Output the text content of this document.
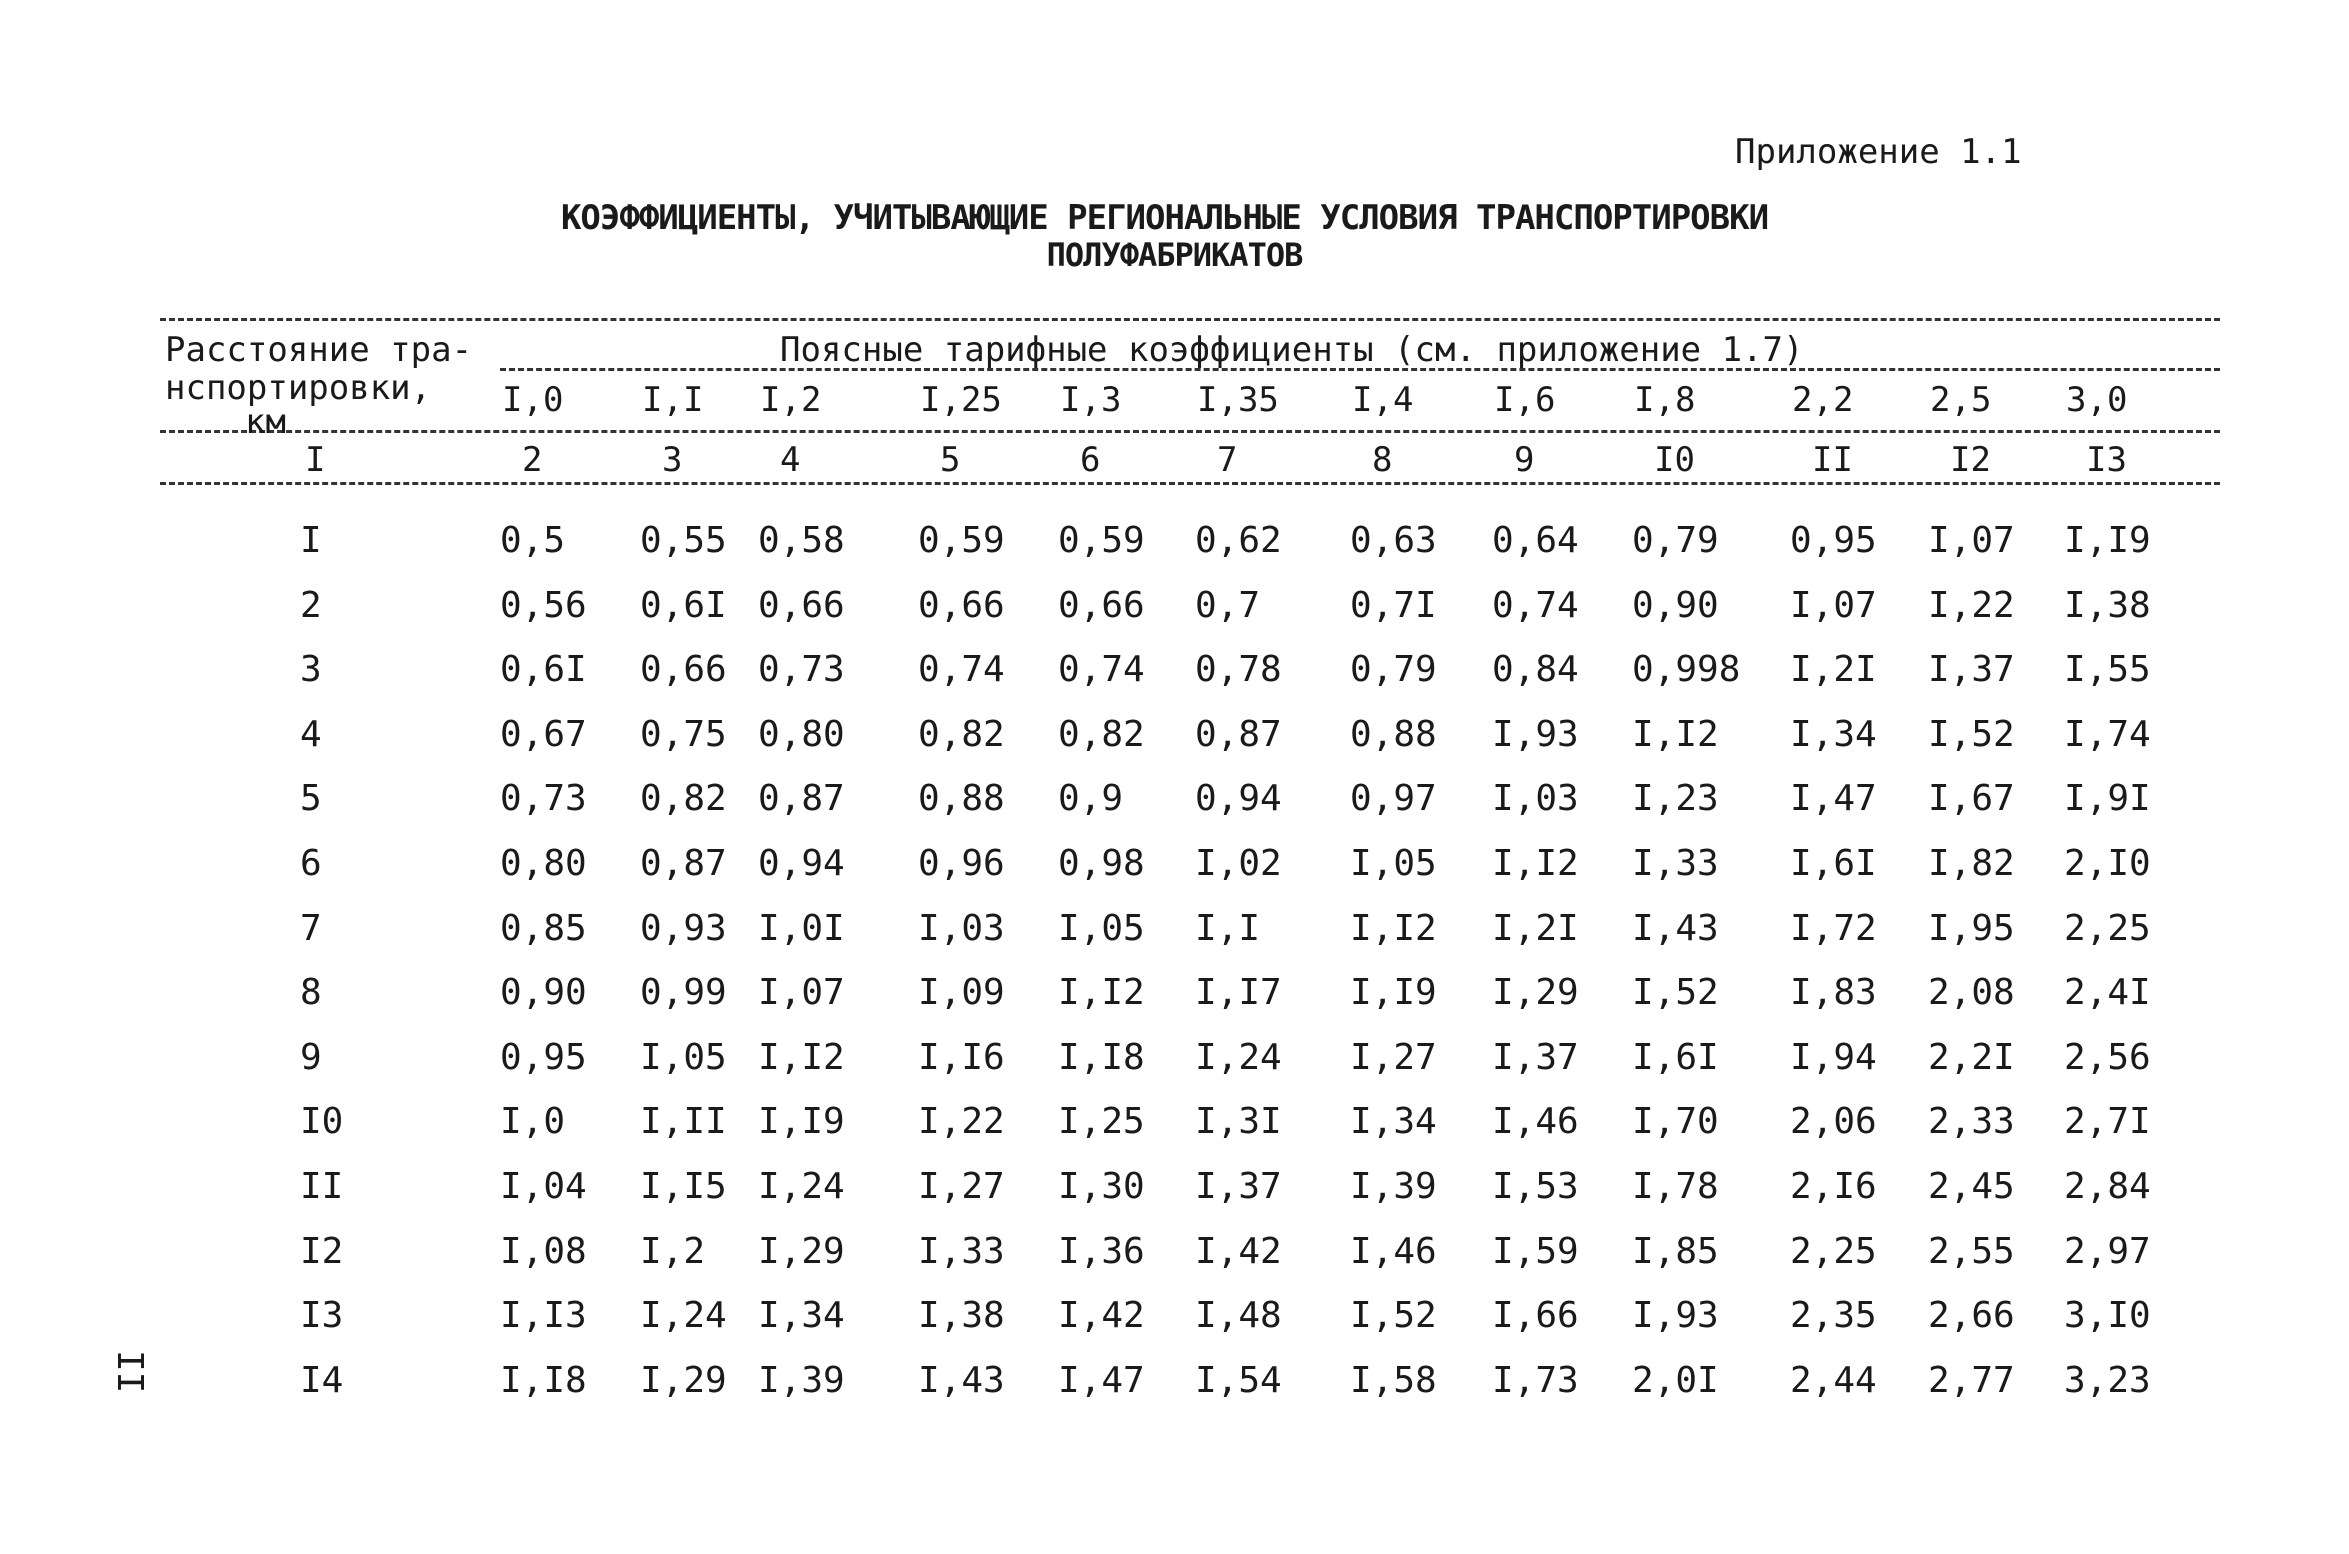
Приложение 1.1
КОЭФФИЦИЕНТЫ, УЧИТЫВАЮЩИЕ РЕГИОНАЛЬНЫЕ УСЛОВИЯ ТРАНСПОРТИРОВКИ
ПОЛУФАБРИКАТОВ
Расстояние тра-
нспортировки,
км
Поясные тарифные коэффициенты (см. приложение 1.7)
I,0 I,I I,2	I,25 I,3 I,35 I,4 I,6 I,8	2,2 2,5 3,0
I	2	3	4	5	6	7	8	9	I0	II	I2	I3
I	0,5 0,55 0,58 0,59 0,59 0,62 0,63 0,64 0,79 0,95 I,07 I,I9
2	0,56 0,6I 0,66 0,66 0,66 0,7 0,7I 0,74 0,90 I,07 I,22 I,38
3	0,6I 0,66 0,73 0,74 0,74 0,78 0,79 0,84 0,998 I,2I I,37 I,55
4	0,67 0,75 0,80 0,82 0,82 0,87 0,88 I,93 I,I2 I,34 I,52 I,74
5	0,73 0,82 0,87 0,88 0,9 0,94 0,97 I,03 I,23 I,47 I,67 I,9I
6	0,80 0,87 0,94 0,96 0,98 I,02 I,05 I,I2 I,33 I,6I I,82 2,I0
7	0,85 0,93 I,0I I,03 I,05 I,I I,I2 I,2I I,43 I,72 I,95 2,25
8	0,90 0,99 I,07 I,09 I,I2 I,I7 I,I9 I,29 I,52 I,83 2,08 2,4I
9	0,95 I,05 I,I2 I,I6 I,I8 I,24 I,27 I,37 I,6I I,94 2,2I 2,56
I0	I,0 I,II I,I9 I,22 I,25 I,3I I,34 I,46 I,70 2,06 2,33 2,7I
II	I,04 I,I5 I,24 I,27 I,30 I,37 I,39 I,53 I,78 2,I6 2,45 2,84
I2	I,08 I,2 I,29 I,33 I,36 I,42 I,46 I,59 I,85 2,25 2,55 2,97
I3	I,I3 I,24 I,34 I,38 I,42 I,48 I,52 I,66 I,93 2,35 2,66 3,I0
I4	I,I8 I,29 I,39 I,43 I,47 I,54 I,58 I,73 2,0I 2,44 2,77 3,23
II
